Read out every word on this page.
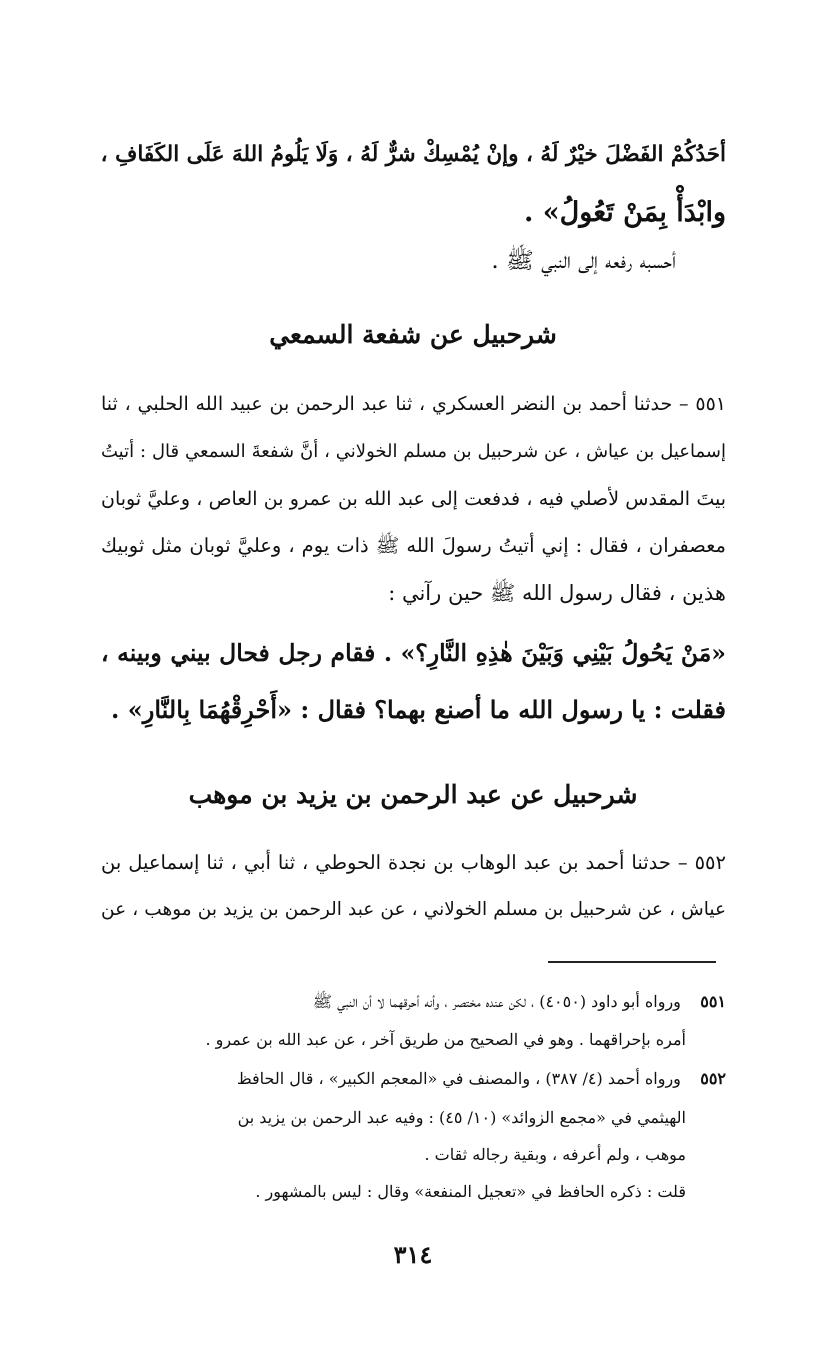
أحَدُكُمْ الفَضْلَ خيْرٌ لَهُ ، وإنْ يُمْسِكْ شرٌّ لَهُ ، وَلَا يَلُومُ اللهَ عَلَى الكَفَافِ ،
وابْدَأْ بِمَنْ تَعُولُ» .
أحسبه رفعه إلى النبي ﷺ .
شرحبيل عن شفعة السمعي
٥٥١ – حدثنا أحمد بن النضر العسكري ، ثنا عبد الرحمن بن عبيد الله الحلبي ، ثنا
إسماعيل بن عياش ، عن شرحبيل بن مسلم الخولاني ، أنَّ شفعةَ السمعي قال : أتيتُ
بيتَ المقدس لأصلي فيه ، فدفعت إلى عبد الله بن عمرو بن العاص ، وعليَّ ثوبان
معصفران ، فقال : إني أتيتُ رسولَ الله ﷺ ذات يوم ، وعليَّ ثوبان مثل ثوبيك
هذين ، فقال رسول الله ﷺ حين رآني :
«مَنْ يَحُولُ بَيْنِي وَبَيْنَ هٰذِهِ النَّارِ؟» . فقام رجل فحال بيني وبينه ،
فقلت : يا رسول الله ما أصنع بهما؟ فقال : «أَحْرِقْهُمَا بِالنَّارِ» .
شرحبيل عن عبد الرحمن بن يزيد بن موهب
٥٥٢ – حدثنا أحمد بن عبد الوهاب بن نجدة الحوطي ، ثنا أبي ، ثنا إسماعيل بن
عياش ، عن شرحبيل بن مسلم الخولاني ، عن عبد الرحمن بن يزيد بن موهب ، عن
٥٥١ ورواه أبو داود (٤٠٥٠) ، لكن عنده مختصر ، وأنه أحرقهما لا أن النبي ﷺ
أمره بإحراقهما . وهو في الصحيح من طريق آخر ، عن عبد الله بن عمرو .
٥٥٢ ورواه أحمد (٤/ ٣٨٧) ، والمصنف في «المعجم الكبير» ، قال الحافظ
الهيثمي في «مجمع الزوائد» (١٠/ ٤٥) : وفيه عبد الرحمن بن يزيد بن
موهب ، ولم أعرفه ، وبقية رجاله ثقات .
قلت : ذكره الحافظ في «تعجيل المنفعة» وقال : ليس بالمشهور .
٣١٤
